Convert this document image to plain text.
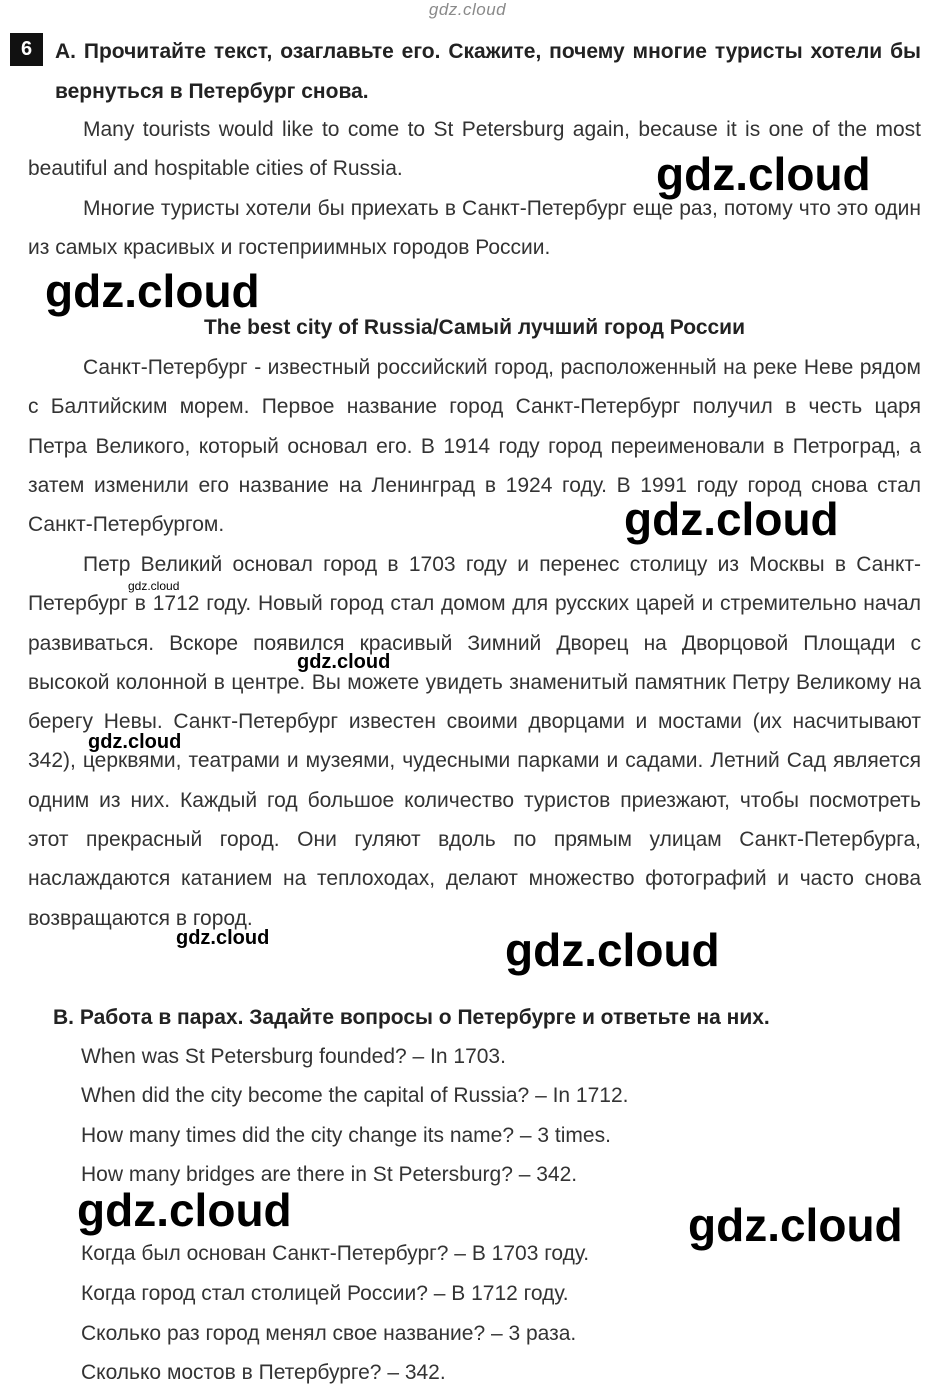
gdz.cloud
6	А. Прочитайте текст, озаглавьте его. Скажите, почему многие туристы хотели бы вернуться в Петербург снова.
Many tourists would like to come to St Petersburg again, because it is one of the most beautiful and hospitable cities of Russia.
Многие туристы хотели бы приехать в Санкт-Петербург еще раз, потому что это один из самых красивых и гостеприимных городов России.
The best city of Russia/Самый лучший город России
Санкт-Петербург - известный российский город, расположенный на реке Неве рядом с Балтийским морем. Первое название город Санкт-Петербург получил в честь царя Петра Великого, который основал его. В 1914 году город переименовали в Петроград, а затем изменили его название на Ленинград в 1924 году. В 1991 году город снова стал Санкт-Петербургом.
Петр Великий основал город в 1703 году и перенес столицу из Москвы в Санкт-Петербург в 1712 году. Новый город стал домом для русских царей и стремительно начал развиваться. Вскоре появился красивый Зимний Дворец на Дворцовой Площади с высокой колонной в центре. Вы можете увидеть знаменитый памятник Петру Великому на берегу Невы. Санкт-Петербург известен своими дворцами и мостами (их насчитывают 342), церквями, театрами и музеями, чудесными парками и садами. Летний Сад является одним из них. Каждый год большое количество туристов приезжают, чтобы посмотреть этот прекрасный город. Они гуляют вдоль по прямым улицам Санкт-Петербурга, наслаждаются катанием на теплоходах, делают множество фотографий и часто снова возвращаются в город.
В. Работа в парах. Задайте вопросы о Петербурге и ответьте на них.
When was St Petersburg founded? – In 1703.
When did the city become the capital of Russia? – In 1712.
How many times did the city change its name? – 3 times.
How many bridges are there in St Petersburg? – 342.
Когда был основан Санкт-Петербург? – В 1703 году.
Когда город стал столицей России? – В 1712 году.
Сколько раз город менял свое название? – 3 раза.
Сколько мостов в Петербурге? – 342.
gdz.cloud
gdz.cloud
gdz.cloud
gdz.cloud
gdz.cloud
gdz.cloud
gdz.cloud	gdz.cloud
gdz.cloud	gdz.cloud
